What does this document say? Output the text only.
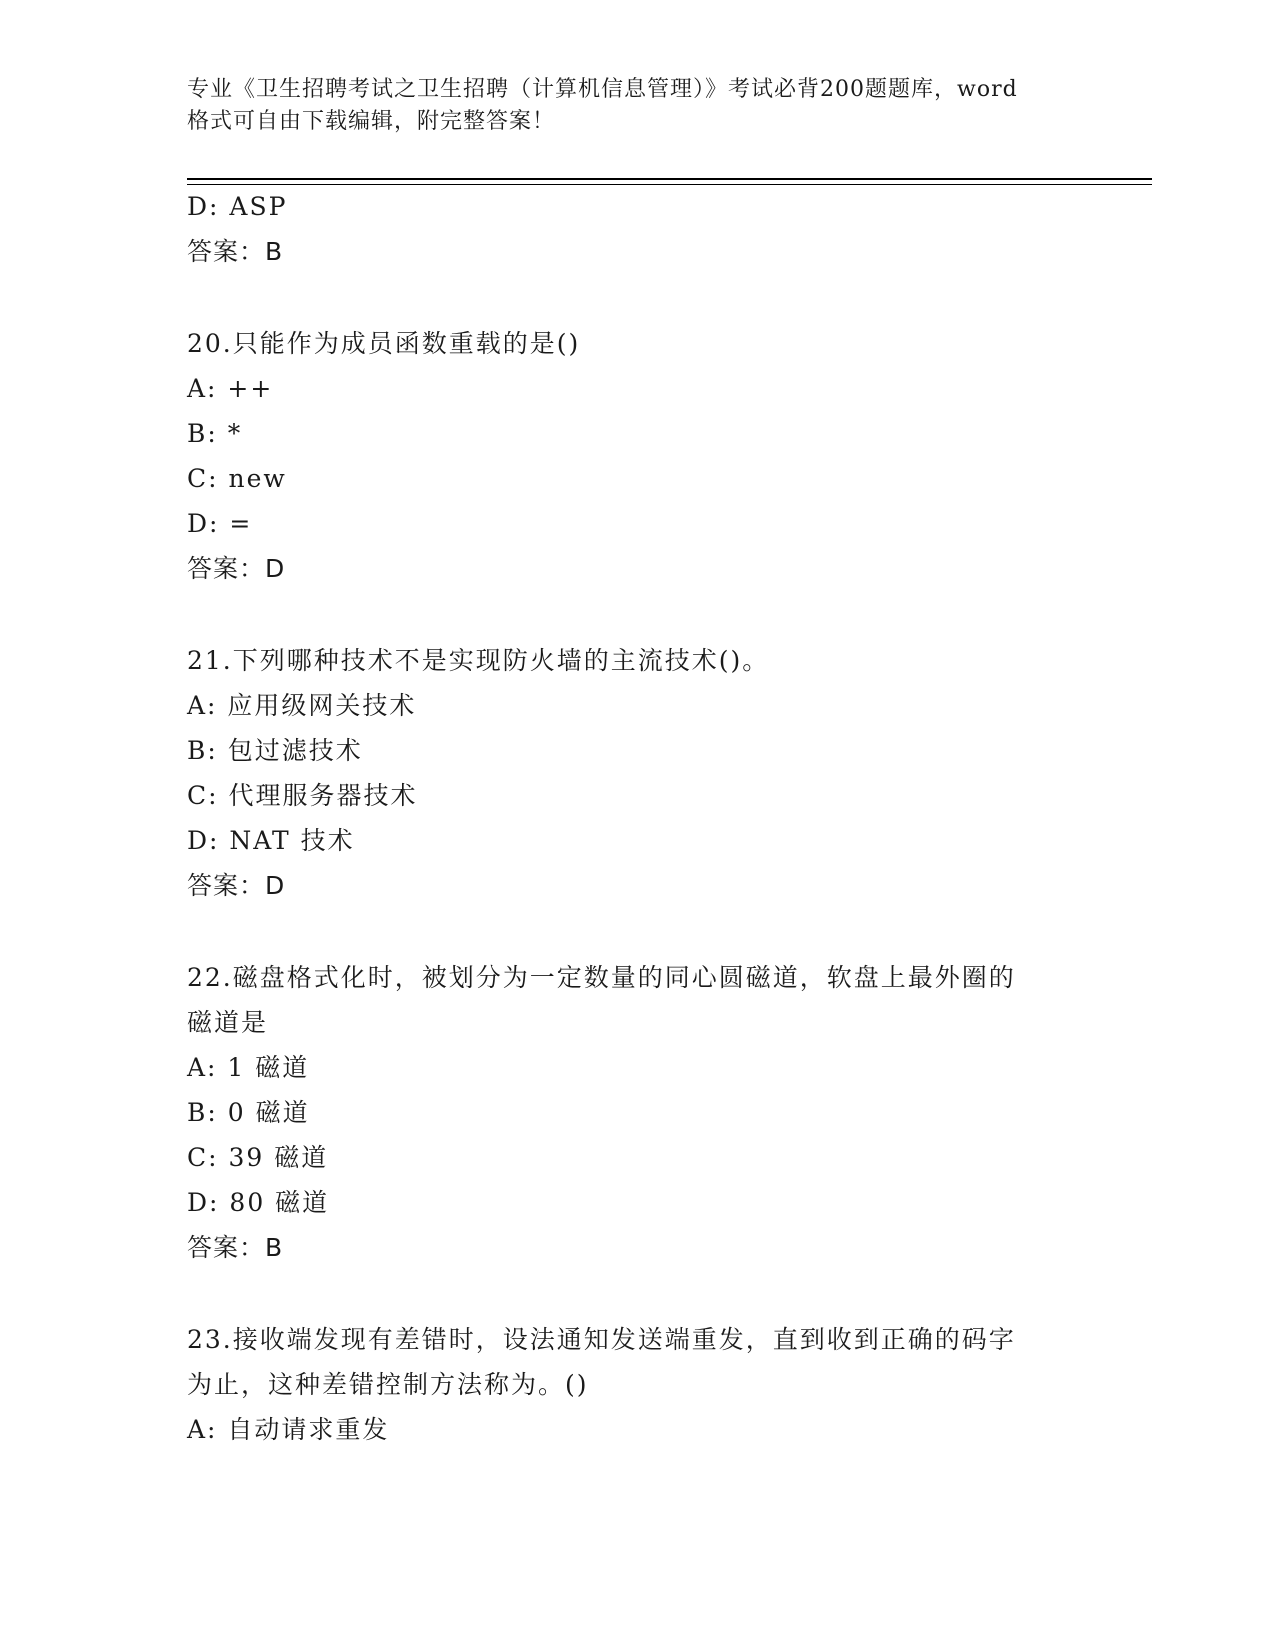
专业《卫生招聘考试之卫生招聘（计算机信息管理）》考试必背200题题库，word
格式可自由下载编辑，附完整答案！
D: ASP
答案：B
20.只能作为成员函数重载的是()
A: ++
B: *
C: new
D: =
答案：D
21.下列哪种技术不是实现防火墙的主流技术()。
A: 应用级网关技术
B: 包过滤技术
C: 代理服务器技术
D: NAT 技术
答案：D
22.磁盘格式化时，被划分为一定数量的同心圆磁道，软盘上最外圈的
磁道是
A: 1 磁道
B: 0 磁道
C: 39 磁道
D: 80 磁道
答案：B
23.接收端发现有差错时，设法通知发送端重发，直到收到正确的码字
为止，这种差错控制方法称为。()
A: 自动请求重发
